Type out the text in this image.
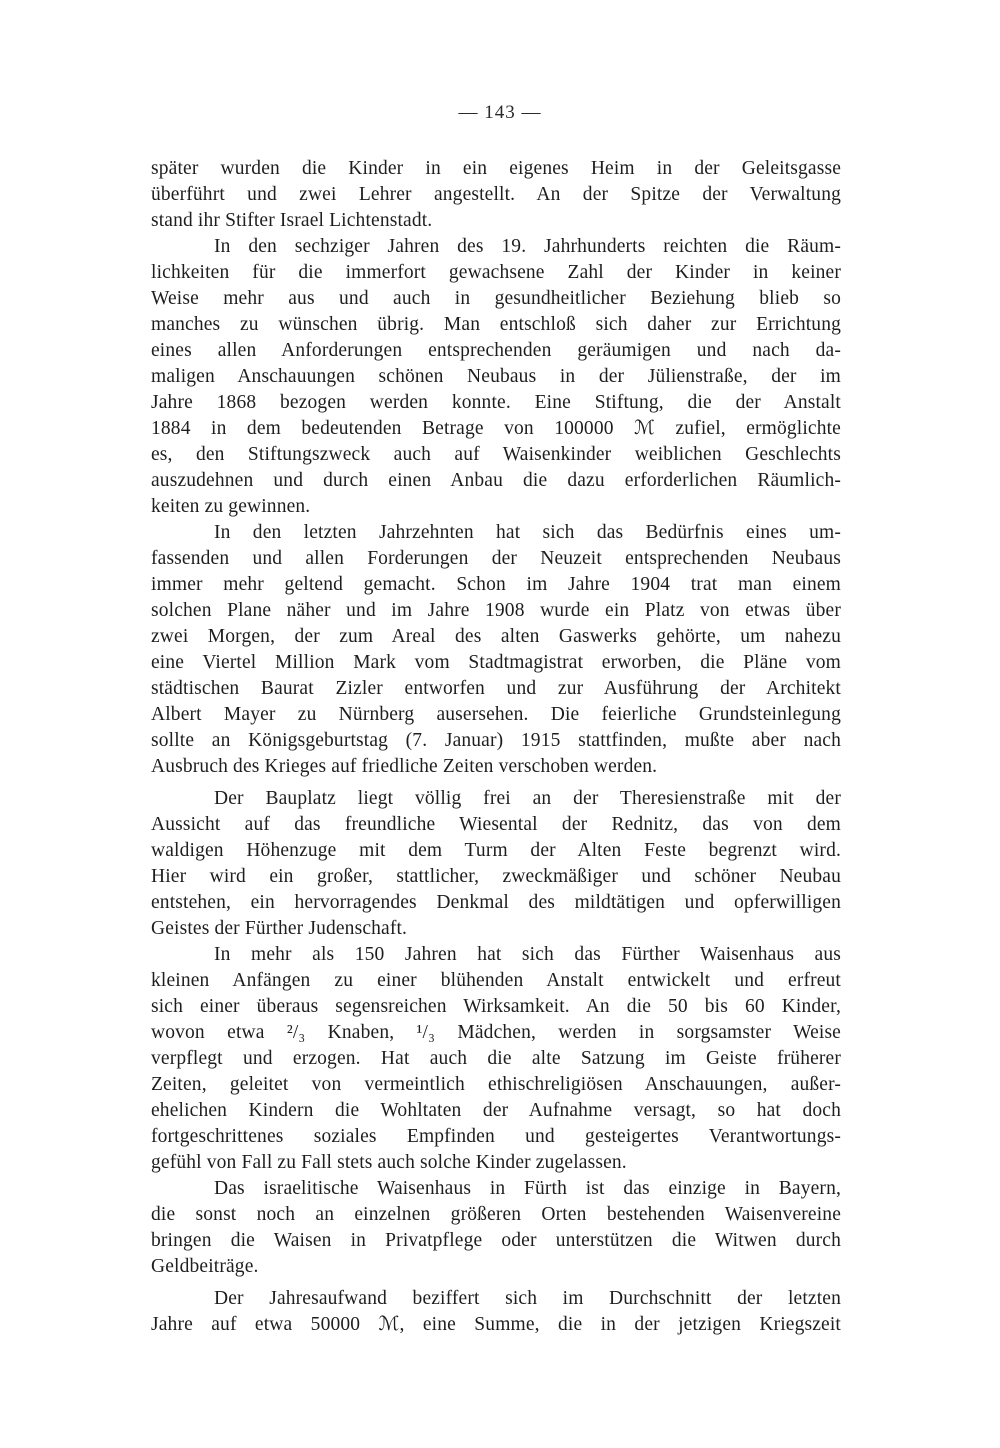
— 143 —
später wurden die Kinder in ein eigenes Heim in der Geleitsgasse
überführt und zwei Lehrer angestellt. An der Spitze der Verwaltung
stand ihr Stifter Israel Lichtenstadt.
In den sechziger Jahren des 19. Jahrhunderts reichten die Räum-
lichkeiten für die immerfort gewachsene Zahl der Kinder in keiner
Weise mehr aus und auch in gesundheitlicher Beziehung blieb so
manches zu wünschen übrig. Man entschloß sich daher zur Errichtung
eines allen Anforderungen entsprechenden geräumigen und nach da-
maligen Anschauungen schönen Neubaus in der Jülienstraße, der im
Jahre 1868 bezogen werden konnte. Eine Stiftung, die der Anstalt
1884 in dem bedeutenden Betrage von 100000 ℳ zufiel, ermöglichte
es, den Stiftungszweck auch auf Waisenkinder weiblichen Geschlechts
auszudehnen und durch einen Anbau die dazu erforderlichen Räumlich-
keiten zu gewinnen.
In den letzten Jahrzehnten hat sich das Bedürfnis eines um-
fassenden und allen Forderungen der Neuzeit entsprechenden Neubaus
immer mehr geltend gemacht. Schon im Jahre 1904 trat man einem
solchen Plane näher und im Jahre 1908 wurde ein Platz von etwas über
zwei Morgen, der zum Areal des alten Gaswerks gehörte, um nahezu
eine Viertel Million Mark vom Stadtmagistrat erworben, die Pläne vom
städtischen Baurat Zizler entworfen und zur Ausführung der Architekt
Albert Mayer zu Nürnberg ausersehen. Die feierliche Grundsteinlegung
sollte an Königsgeburtstag (7. Januar) 1915 stattfinden, mußte aber nach
Ausbruch des Krieges auf friedliche Zeiten verschoben werden.
Der Bauplatz liegt völlig frei an der Theresienstraße mit der
Aussicht auf das freundliche Wiesental der Rednitz, das von dem
waldigen Höhenzuge mit dem Turm der Alten Feste begrenzt wird.
Hier wird ein großer, stattlicher, zweckmäßiger und schöner Neubau
entstehen, ein hervorragendes Denkmal des mildtätigen und opferwilligen
Geistes der Fürther Judenschaft.
In mehr als 150 Jahren hat sich das Fürther Waisenhaus aus
kleinen Anfängen zu einer blühenden Anstalt entwickelt und erfreut
sich einer überaus segensreichen Wirksamkeit. An die 50 bis 60 Kinder,
wovon etwa ²/₃ Knaben, ¹/₃ Mädchen, werden in sorgsamster Weise
verpflegt und erzogen. Hat auch die alte Satzung im Geiste früherer
Zeiten, geleitet von vermeintlich ethischreligiösen Anschauungen, außer-
ehelichen Kindern die Wohltaten der Aufnahme versagt, so hat doch
fortgeschrittenes soziales Empfinden und gesteigertes Verantwortungs-
gefühl von Fall zu Fall stets auch solche Kinder zugelassen.
Das israelitische Waisenhaus in Fürth ist das einzige in Bayern,
die sonst noch an einzelnen größeren Orten bestehenden Waisenvereine
bringen die Waisen in Privatpflege oder unterstützen die Witwen durch
Geldbeiträge.
Der Jahresaufwand beziffert sich im Durchschnitt der letzten
Jahre auf etwa 50000 ℳ, eine Summe, die in der jetzigen Kriegszeit
